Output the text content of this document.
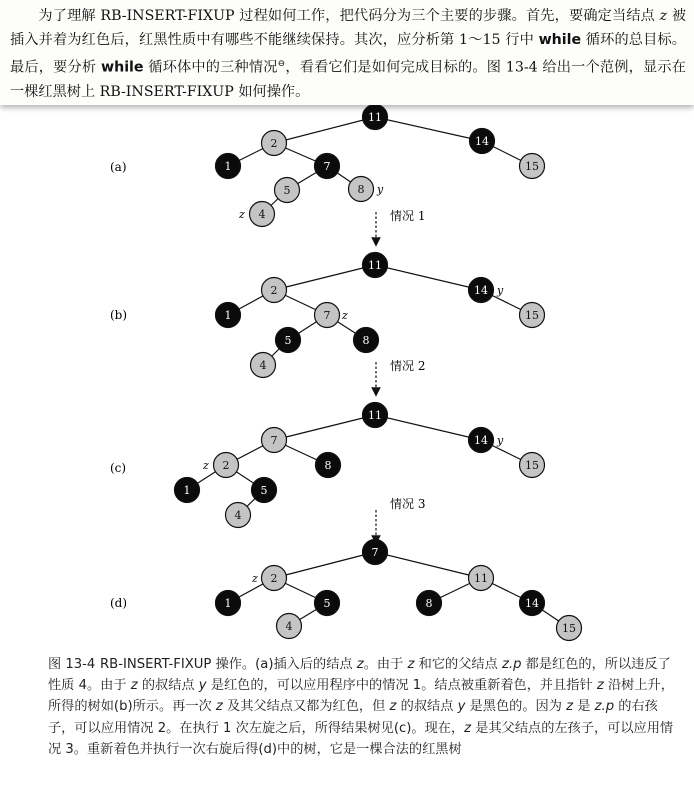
为了理解 RB-INSERT-FIXUP 过程如何工作，把代码分为三个主要的步骤。首先，要确定当结点 z 被插入并着为红色后，红黑性质中有哪些不能继续保持。其次，应分析第 1～15 行中 while 循环的总目标。最后，要分析 while 循环体中的三种情况⊖，看看它们是如何完成目标的。图 13-4 给出一个范例，显示在一棵红黑树上 RB-INSERT-FIXUP 如何操作。

(a)
11
2	14
1	7	15
5	8
4
y
z	情况 1
(b)
11
2	14
1	7	15
5	8
4
z
y
情况 2
(c)
11
7	14
2	8	15
1	5
4
z
y
情况 3
(d)
7
2	11
1	5	8	14
4	15
z
图 13-4 RB-INSERT-FIXUP 操作。(a)插入后的结点 z。由于 z 和它的父结点 z.p 都是红色的，所以违反了性质 4。由于 z 的叔结点 y 是红色的，可以应用程序中的情况 1。结点被重新着色，并且指针 z 沿树上升，所得的树如(b)所示。再一次 z 及其父结点又都为红色，但 z 的叔结点 y 是黑色的。因为 z 是 z.p 的右孩子，可以应用情况 2。在执行 1 次左旋之后，所得结果树见(c)。现在，z 是其父结点的左孩子，可以应用情况 3。重新着色并执行一次右旋后得(d)中的树，它是一棵合法的红黑树
